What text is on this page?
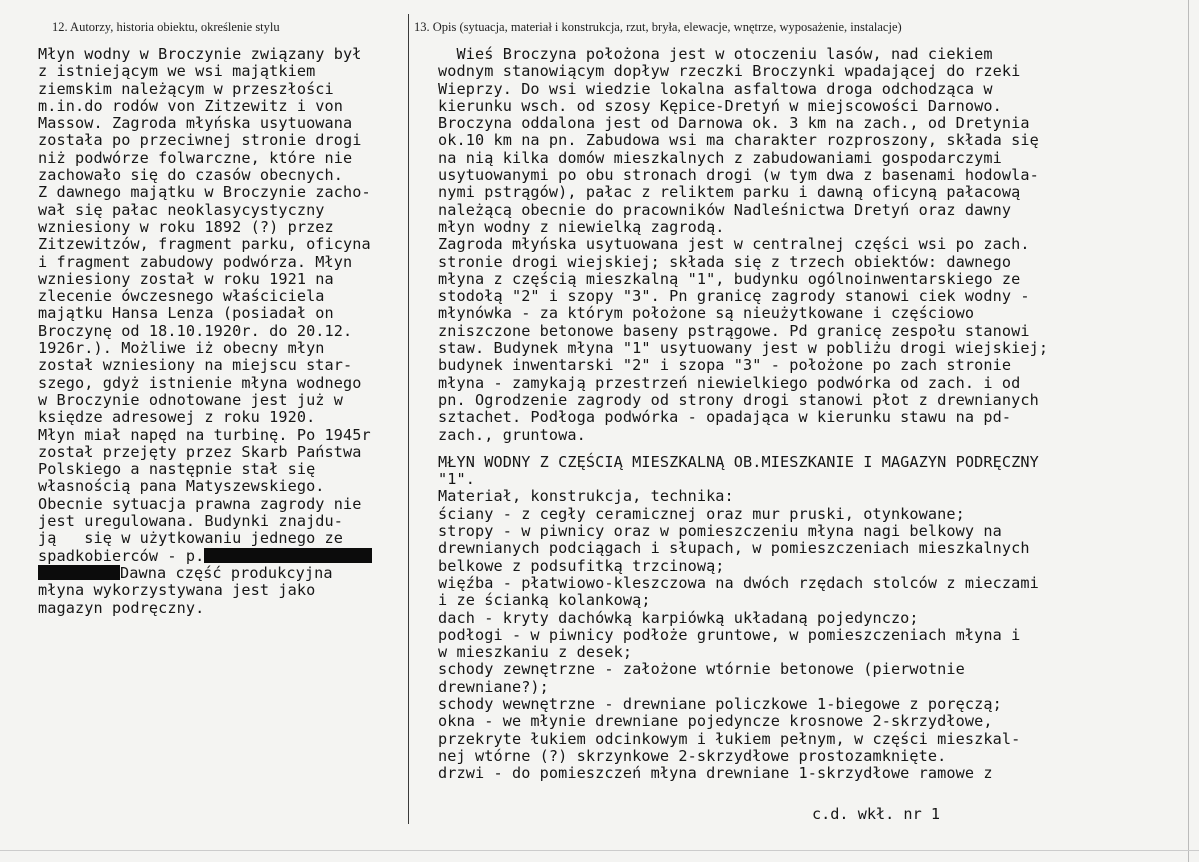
12. Autorzy, historia obiektu, określenie stylu	13. Opis (sytuacja, materiał i konstrukcja, rzut, bryła, elewacje, wnętrze, wyposażenie, instalacje)
Młyn wodny w Broczynie związany był
z istniejącym we wsi majątkiem
ziemskim należącym w przeszłości
m.in.do rodów von Zitzewitz i von
Massow. Zagroda młyńska usytuowana
została po przeciwnej stronie drogi
niż podwórze folwarczne, które nie
zachowało się do czasów obecnych.
Z dawnego majątku w Broczynie zacho-
wał się pałac neoklasycystyczny
wzniesiony w roku 1892 (?) przez
Zitzewitzów, fragment parku, oficyna
i fragment zabudowy podwórza. Młyn
wzniesiony został w roku 1921 na
zlecenie ówczesnego właściciela
majątku Hansa Lenza (posiadał on
Broczynę od 18.10.1920r. do 20.12.
1926r.). Możliwe iż obecny młyn
został wzniesiony na miejscu star-
szego, gdyż istnienie młyna wodnego
w Broczynie odnotowane jest już w
księdze adresowej z roku 1920.
Młyn miał napęd na turbinę. Po 1945r
został przejęty przez Skarb Państwa
Polskiego a następnie stał się
własnością pana Matyszewskiego.
Obecnie sytuacja prawna zagrody nie
jest uregulowana. Budynki znajdu-
ją   się w użytkowaniu jednego ze
spadkobierców - p.
Dawna część produkcyjna
młyna wykorzystywana jest jako
magazyn podręczny.
Wieś Broczyna położona jest w otoczeniu lasów, nad ciekiem
wodnym stanowiącym dopływ rzeczki Broczynki wpadającej do rzeki
Wieprzy. Do wsi wiedzie lokalna asfaltowa droga odchodząca w
kierunku wsch. od szosy Kępice-Dretyń w miejscowości Darnowo.
Broczyna oddalona jest od Darnowa ok. 3 km na zach., od Dretynia
ok.10 km na pn. Zabudowa wsi ma charakter rozproszony, składa się
na nią kilka domów mieszkalnych z zabudowaniami gospodarczymi
usytuowanymi po obu stronach drogi (w tym dwa z basenami hodowla-
nymi pstrągów), pałac z reliktem parku i dawną oficyną pałacową
należącą obecnie do pracowników Nadleśnictwa Dretyń oraz dawny
młyn wodny z niewielką zagrodą.
Zagroda młyńska usytuowana jest w centralnej części wsi po zach.
stronie drogi wiejskiej; składa się z trzech obiektów: dawnego
młyna z częścią mieszkalną "1", budynku ogólnoinwentarskiego ze
stodołą "2" i szopy "3". Pn granicę zagrody stanowi ciek wodny -
młynówka - za którym położone są nieużytkowane i częściowo
zniszczone betonowe baseny pstrągowe. Pd granicę zespołu stanowi
staw. Budynek młyna "1" usytuowany jest w pobliżu drogi wiejskiej;
budynek inwentarski "2" i szopa "3" - położone po zach stronie
młyna - zamykają przestrzeń niewielkiego podwórka od zach. i od
pn. Ogrodzenie zagrody od strony drogi stanowi płot z drewnianych
sztachet. Podłoga podwórka - opadająca w kierunku stawu na pd-
zach., gruntowa.
MŁYN WODNY Z CZĘŚCIĄ MIESZKALNĄ OB.MIESZKANIE I MAGAZYN PODRĘCZNY
"1".
Materiał, konstrukcja, technika:
ściany - z cegły ceramicznej oraz mur pruski, otynkowane;
stropy - w piwnicy oraz w pomieszczeniu młyna nagi belkowy na
drewnianych podciągach i słupach, w pomieszczeniach mieszkalnych
belkowe z podsufitką trzcinową;
więźba - płatwiowo-kleszczowa na dwóch rzędach stolców z mieczami
i ze ścianką kolankową;
dach - kryty dachówką karpiówką układaną pojedynczo;
podłogi - w piwnicy podłoże gruntowe, w pomieszczeniach młyna i
w mieszkaniu z desek;
schody zewnętrzne - założone wtórnie betonowe (pierwotnie
drewniane?);
schody wewnętrzne - drewniane policzkowe 1-biegowe z poręczą;
okna - we młynie drewniane pojedyncze krosnowe 2-skrzydłowe,
przekryte łukiem odcinkowym i łukiem pełnym, w części mieszkal-
nej wtórne (?) skrzynkowe 2-skrzydłowe prostozamknięte.
drzwi - do pomieszczeń młyna drewniane 1-skrzydłowe ramowe z
c.d. wkł. nr 1
